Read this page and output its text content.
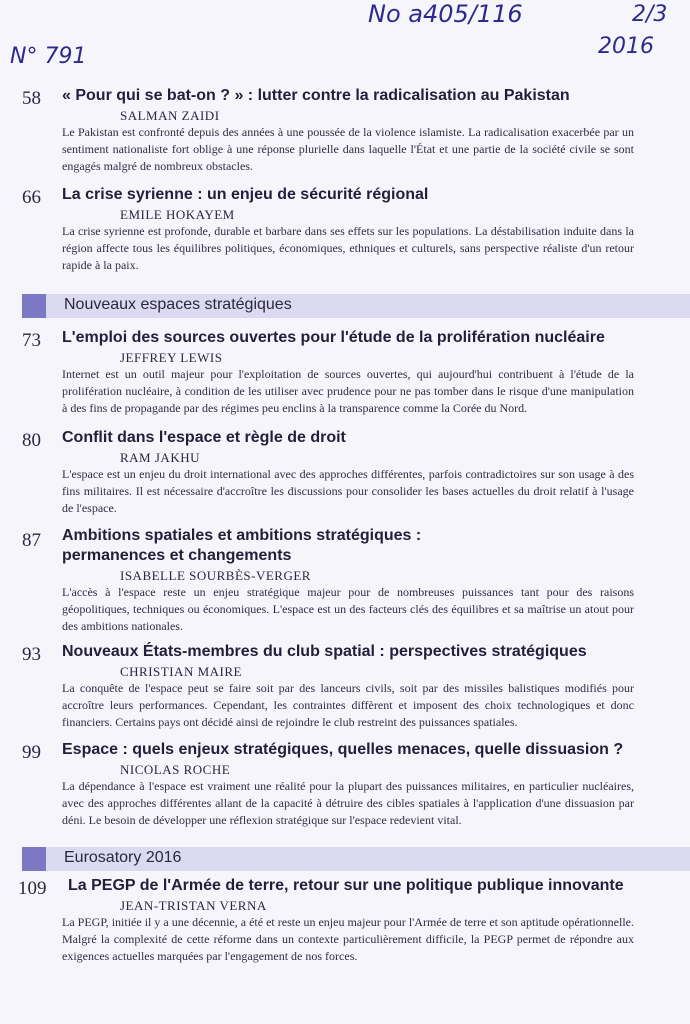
No a405/116	2/3
N° 791	2016
58 « Pour qui se bat-on ? » : lutter contre la radicalisation au Pakistan
SALMAN ZAIDI
Le Pakistan est confronté depuis des années à une poussée de la violence islamiste. La radicalisation exacerbée par un sentiment nationaliste fort oblige à une réponse plurielle dans laquelle l'État et une partie de la société civile se sont engagés malgré de nombreux obstacles.
66 La crise syrienne : un enjeu de sécurité régional
EMILE HOKAYEM
La crise syrienne est profonde, durable et barbare dans ses effets sur les populations. La déstabilisation induite dans la région affecte tous les équilibres politiques, économiques, ethniques et culturels, sans perspective réaliste d'un retour rapide à la paix.
Nouveaux espaces stratégiques
73 L'emploi des sources ouvertes pour l'étude de la prolifération nucléaire
JEFFREY LEWIS
Internet est un outil majeur pour l'exploitation de sources ouvertes, qui aujourd'hui contribuent à l'étude de la prolifération nucléaire, à condition de les utiliser avec prudence pour ne pas tomber dans le risque d'une manipulation à des fins de propagande par des régimes peu enclins à la transparence comme la Corée du Nord.
80 Conflit dans l'espace et règle de droit
RAM JAKHU
L'espace est un enjeu du droit international avec des approches différentes, parfois contradictoires sur son usage à des fins militaires. Il est nécessaire d'accroître les discussions pour consolider les bases actuelles du droit relatif à l'usage de l'espace.
87 Ambitions spatiales et ambitions stratégiques :
permanences et changements
ISABELLE SOURBÈS-VERGER
L'accès à l'espace reste un enjeu stratégique majeur pour de nombreuses puissances tant pour des raisons géopolitiques, techniques ou économiques. L'espace est un des facteurs clés des équilibres et sa maîtrise un atout pour des ambitions nationales.
93 Nouveaux États-membres du club spatial : perspectives stratégiques
CHRISTIAN MAIRE
La conquête de l'espace peut se faire soit par des lanceurs civils, soit par des missiles balistiques modifiés pour accroître leurs performances. Cependant, les contraintes diffèrent et imposent des choix technologiques et donc financiers. Certains pays ont décidé ainsi de rejoindre le club restreint des puissances spatiales.
99 Espace : quels enjeux stratégiques, quelles menaces, quelle dissuasion ?
NICOLAS ROCHE
La dépendance à l'espace est vraiment une réalité pour la plupart des puissances militaires, en particulier nucléaires, avec des approches différentes allant de la capacité à détruire des cibles spatiales à l'application d'une dissuasion par déni. Le besoin de développer une réflexion stratégique sur l'espace redevient vital.
Eurosatory 2016
109 La PEGP de l'Armée de terre, retour sur une politique publique innovante
JEAN-TRISTAN VERNA
La PEGP, initiée il y a une décennie, a été et reste un enjeu majeur pour l'Armée de terre et son aptitude opérationnelle. Malgré la complexité de cette réforme dans un contexte particulièrement difficile, la PEGP permet de répondre aux exigences actuelles marquées par l'engagement de nos forces.
